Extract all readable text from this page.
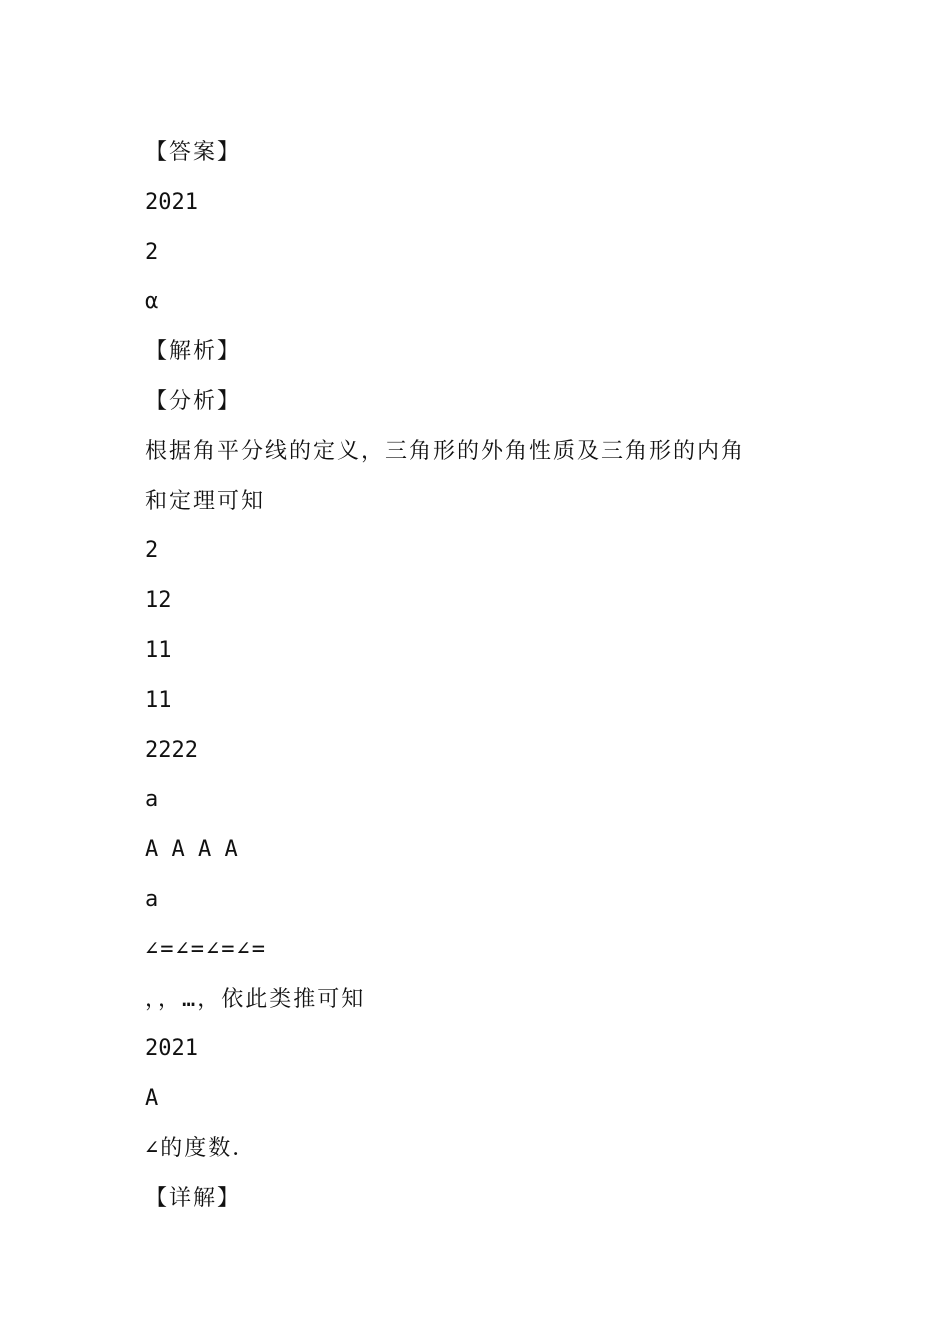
【答案】
2021
2
α
【解析】
【分析】
根据角平分线的定义，三角形的外角性质及三角形的内角
和定理可知
2
12
11
11
2222
a
A A A A
a
∠=∠=∠=∠=
，，…，依此类推可知
2021
A
∠的度数．
【详解】
